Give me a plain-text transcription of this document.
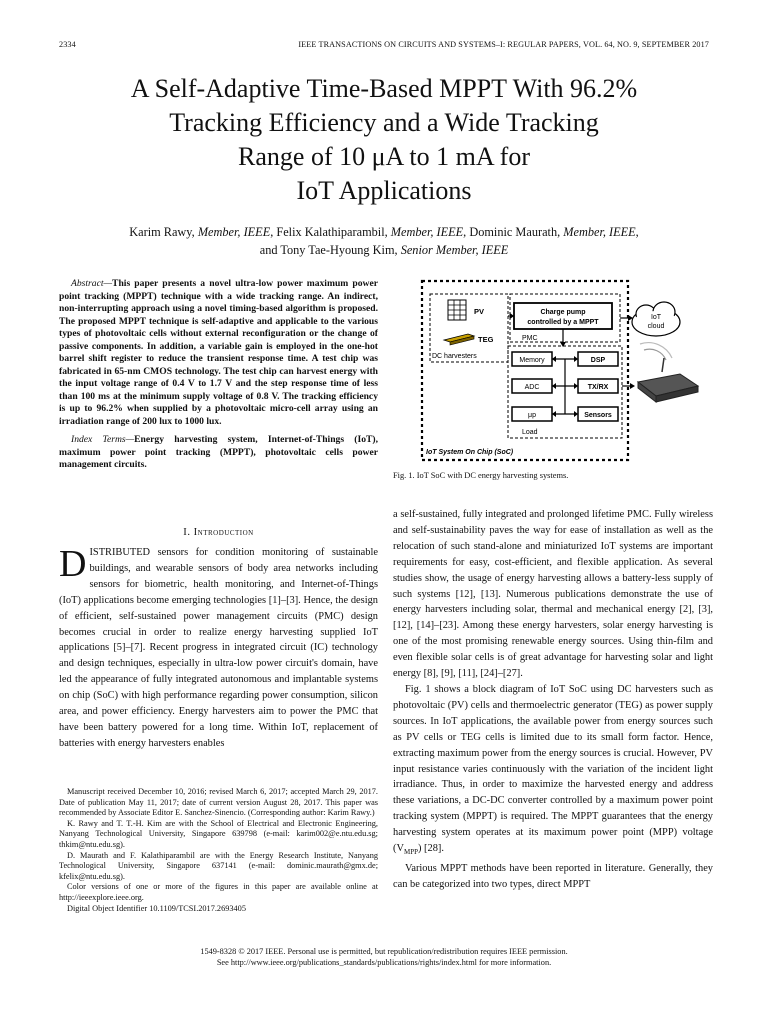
2334	IEEE TRANSACTIONS ON CIRCUITS AND SYSTEMS–I: REGULAR PAPERS, VOL. 64, NO. 9, SEPTEMBER 2017
A Self-Adaptive Time-Based MPPT With 96.2%
Tracking Efficiency and a Wide Tracking
Range of 10 μA to 1 mA for
IoT Applications
Karim Rawy, Member, IEEE, Felix Kalathiparambil, Member, IEEE, Dominic Maurath, Member, IEEE,
and Tony Tae-Hyoung Kim, Senior Member, IEEE

Abstract—This paper presents a novel ultra-low power maximum power point tracking (MPPT) technique with a wide tracking range. An indirect, non-interrupting approach using a novel timing-based algorithm is proposed. The proposed MPPT technique is self-adaptive and applicable to the various types of photovoltaic cells without external reconfiguration or the change of passive components. In addition, a variable gain is employed in the one-hot barrel shift register to reduce the transient response time. A test chip was fabricated in 65-nm CMOS technology. The test chip can harvest energy with the input voltage range of 0.4 V to 1.7 V and the step response time of less than 100 ms at the minimum supply voltage of 0.8 V. The tracking efficiency is up to 96.2% when supplied by a photovoltaic micro-cell array using an irradiation range of 200 lux to 1000 lux.

Index Terms—Energy harvesting system, Internet-of-Things (IoT), maximum power point tracking (MPPT), photovoltaic cells power management circuits.

I. Introduction

DISTRIBUTED sensors for condition monitoring of sustainable buildings, and wearable sensors of body area networks including sensors for biometric, health monitoring, and Internet-of-Things (IoT) applications become emerging technologies [1]–[3]. Hence, the design of efficient, self-sustained power management circuits (PMC) design becomes crucial in order to realize energy harvesting supplied IoT applications [5]–[7]. Recent progress in integrated circuit (IC) technology and design techniques, especially in ultra-low power circuit's domain, have led the appearance of fully integrated autonomous and implantable systems on chip (SoC) with high performance regarding power consumption, silicon area, and power efficiency. Energy harvesters aim to power the PMC that have been battery powered for a long time. Within IoT, replacement of batteries with energy harvesters enables

Manuscript received December 10, 2016; revised March 6, 2017; accepted March 29, 2017. Date of publication May 11, 2017; date of current version August 28, 2017. This paper was recommended by Associate Editor E. Sanchez-Sinencio. (Corresponding author: Karim Rawy.)

K. Rawy and T. T.-H. Kim are with the School of Electrical and Electronic Engineering, Nanyang Technological University, Singapore 639798 (e-mail: karim002@e.ntu.edu.sg; thkim@ntu.edu.sg).

D. Maurath and F. Kalathiparambil are with the Energy Research Institute, Nanyang Technological University, Singapore 637141 (e-mail: dominic.maurath@gmx.de; kfelix@ntu.edu.sg).

Color versions of one or more of the figures in this paper are available online at http://ieeexplore.ieee.org.

Digital Object Identifier 10.1109/TCSI.2017.2693405

PV
TEG
DC harvesters
Charge pump
controlled by a MPPT
PMC
Memory	DSP
ADC	TX/RX
μp	Sensors
Load
IoT System On Chip (SoC)
IoT
cloud
Fig. 1. IoT SoC with DC energy harvesting systems.

a self-sustained, fully integrated and prolonged lifetime PMC. Fully wireless and self-sustainability paves the way for ease of installation as well as the relocation of such stand-alone and miniaturized IoT systems are important requirements for easy, cost-efficient, and flexible application. As several studies show, the usage of energy harvesting allows a battery-less supply of such systems [12], [13]. Numerous publications demonstrate the use of energy harvesters including solar, thermal and mechanical energy [2], [3], [12], [14]–[23]. Among these energy harvesters, solar energy harvesting is one of the most promising renewable energy sources. Using thin-film and even flexible solar cells is of great advantage for harvesting solar and light energy [8], [9], [11], [24]–[27].

Fig. 1 shows a block diagram of IoT SoC using DC harvesters such as photovoltaic (PV) cells and thermoelectric generator (TEG) as power supply sources. In IoT applications, the available power from energy sources such as PV cells or TEG cells is limited due to its small form factor. Hence, extracting maximum power from the energy sources is crucial. However, PV input resistance varies continuously with the variation of the incident light irradiance. Thus, in order to maximize the harvested energy and address these variations, a DC-DC converter controlled by a maximum power point tracking system (MPPT) is required. The MPPT guarantees that the energy harvesting system operates at its maximum power point (MPP) voltage $(V_{MPP})$ [28].

Various MPPT methods have been reported in literature. Generally, they can be categorized into two types, direct MPPT

1549-8328 © 2017 IEEE. Personal use is permitted, but republication/redistribution requires IEEE permission.
See http://www.ieee.org/publications_standards/publications/rights/index.html for more information.
